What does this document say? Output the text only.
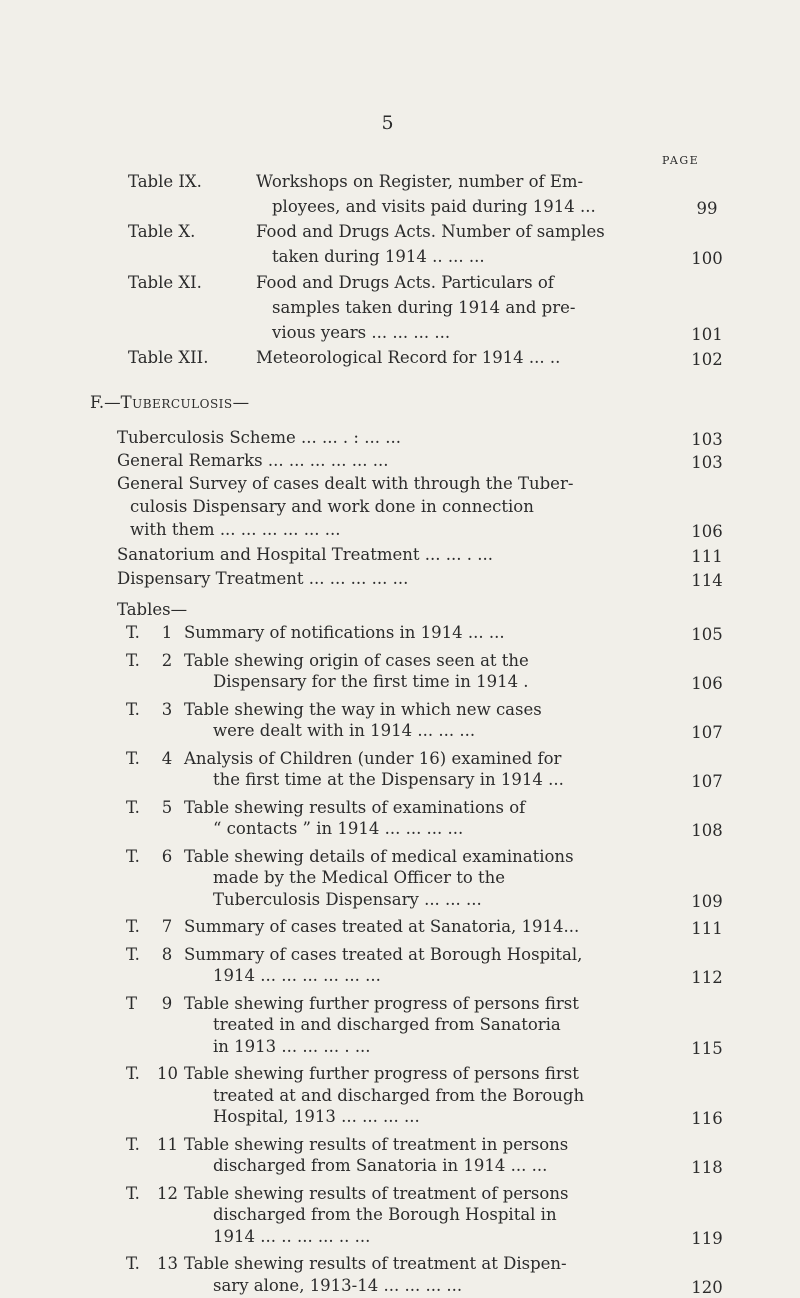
5
PAGE
Table IX.	Workshops on Register, number of Em-
ployees, and visits paid during 1914 ...	99
Table X.	Food and Drugs Acts. Number of samples
taken during 1914 .. ... ...	100
Table XI.	Food and Drugs Acts. Particulars of
samples taken during 1914 and pre-
vious years ... ... ... ...	101
Table XII.	Meteorological Record for 1914 ... ..	102
F.—Tuberculosis—
Tuberculosis Scheme ... ... . : ... ...	103
General Remarks ... ... ... ... ... ...	103
General Survey of cases dealt with through the Tuber-
culosis Dispensary and work done in connection
with them ... ... ... ... ... ...	106
Sanatorium and Hospital Treatment ... ... . ...	111
Dispensary Treatment ... ... ... ... ...	114
Tables—
T. 1 Summary of notifications in 1914 ... ...	105
T. 2 Table shewing origin of cases seen at the
Dispensary for the first time in 1914 .	106
T. 3 Table shewing the way in which new cases
were dealt with in 1914 ... ... ...	107
T. 4 Analysis of Children (under 16) examined for
the first time at the Dispensary in 1914 ...	107
T. 5 Table shewing results of examinations of
“ contacts ” in 1914 ... ... ... ...	108
T. 6 Table shewing details of medical examinations
made by the Medical Officer to the
Tuberculosis Dispensary ... ... ...	109
T. 7 Summary of cases treated at Sanatoria, 1914...	111
T. 8 Summary of cases treated at Borough Hospital,
1914 ... ... ... ... ... ...	112
T 9 Table shewing further progress of persons first
treated in and discharged from Sanatoria
in 1913 ... ... ... . ...	115
T. 10 Table shewing further progress of persons first
treated at and discharged from the Borough
Hospital, 1913 ... ... ... ...	116
T. 11 Table shewing results of treatment in persons
discharged from Sanatoria in 1914 ... ...	118
T. 12 Table shewing results of treatment of persons
discharged from the Borough Hospital in
1914 ... .. ... ... .. ...	119
T. 13 Table shewing results of treatment at Dispen-
sary alone, 1913-14 ... ... ... ...	120
